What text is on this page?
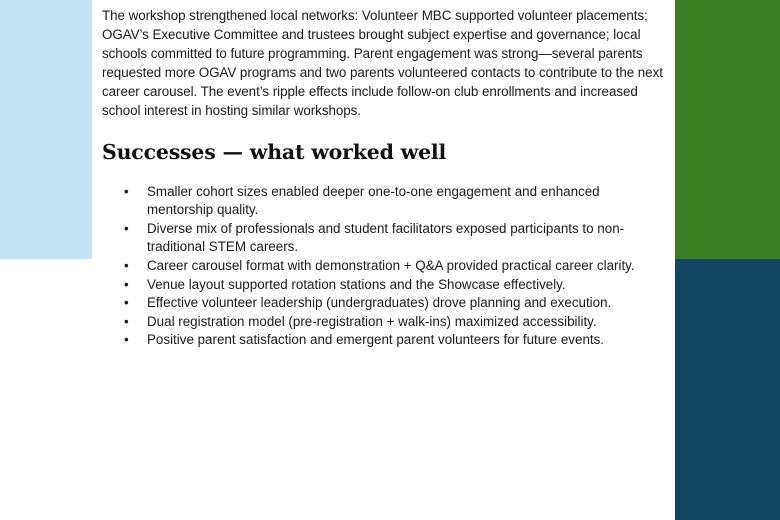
The workshop strengthened local networks: Volunteer MBC supported volunteer placements; OGAV’s Executive Committee and trustees brought subject expertise and governance; local schools committed to future programming. Parent engagement was strong—several parents requested more OGAV programs and two parents volunteered contacts to contribute to the next career carousel. The event’s ripple effects include follow-on club enrollments and increased school interest in hosting similar workshops.

Successes — what worked well
• Smaller cohort sizes enabled deeper one-to-one engagement and enhanced mentorship quality.
• Diverse mix of professionals and student facilitators exposed participants to non-traditional STEM careers.
• Career carousel format with demonstration + Q&A provided practical career clarity.
• Venue layout supported rotation stations and the Showcase effectively.
• Effective volunteer leadership (undergraduates) drove planning and execution.
• Dual registration model (pre-registration + walk-ins) maximized accessibility.
• Positive parent satisfaction and emergent parent volunteers for future events.
